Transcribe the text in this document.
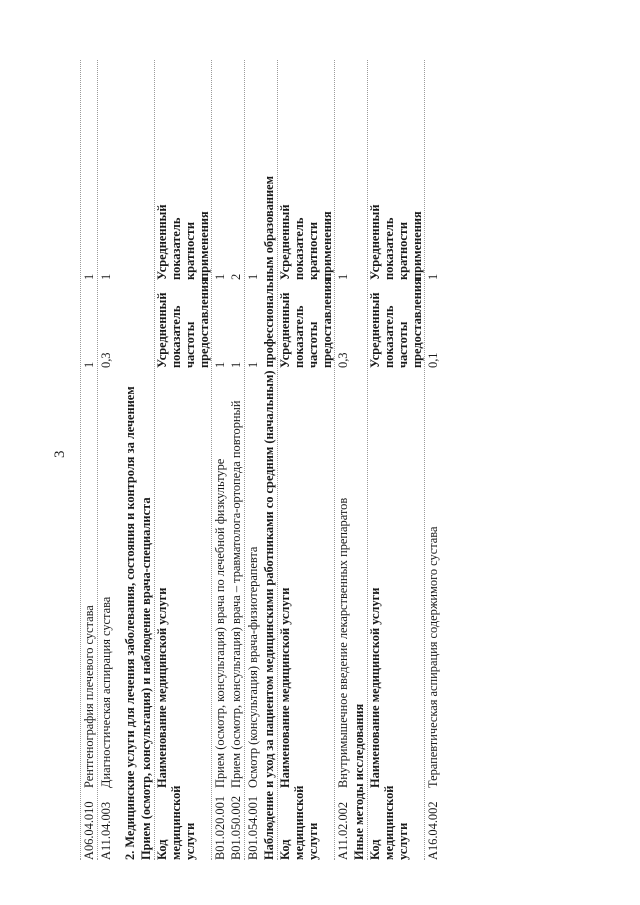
3
A06.04.010
Рентгенография плечевого сустава
1
1
A11.04.003
Диагностическая аспирация сустава
0,3
1
2. Медицинские услуги для лечения заболевания, состояния и контроля за лечением Прием (осмотр, консультация) и наблюдение врача-специалиста Код медицинской услуги
Наименование медицинской услуги
Усредненный показатель частоты предоставления
Усредненный показатель кратности применения
B01.020.001
Прием (осмотр, консультация) врача по лечебной физкультуре
1
1
B01.050.002
Прием (осмотр, консультация) врача – травматолога-ортопеда повторный
1
2
B01.054.001
Осмотр (консультация) врача-физиотерапевта
1
1 Наблюдение и уход за пациентом медицинскими работниками со средним (начальным) профессиональным образованием Код медицинской услуги
Наименование медицинской услуги
Усредненный показатель частоты предоставления
Усредненный показатель кратности применения
A11.02.002
Внутримышечное введение лекарственных препаратов
0,3
1
Иные методы исследования Код медицинской услуги
Наименование медицинской услуги
Усредненный показатель частоты предоставления
Усредненный показатель кратности применения
A16.04.002
Терапевтическая аспирация содержимого сустава
0,1
1
